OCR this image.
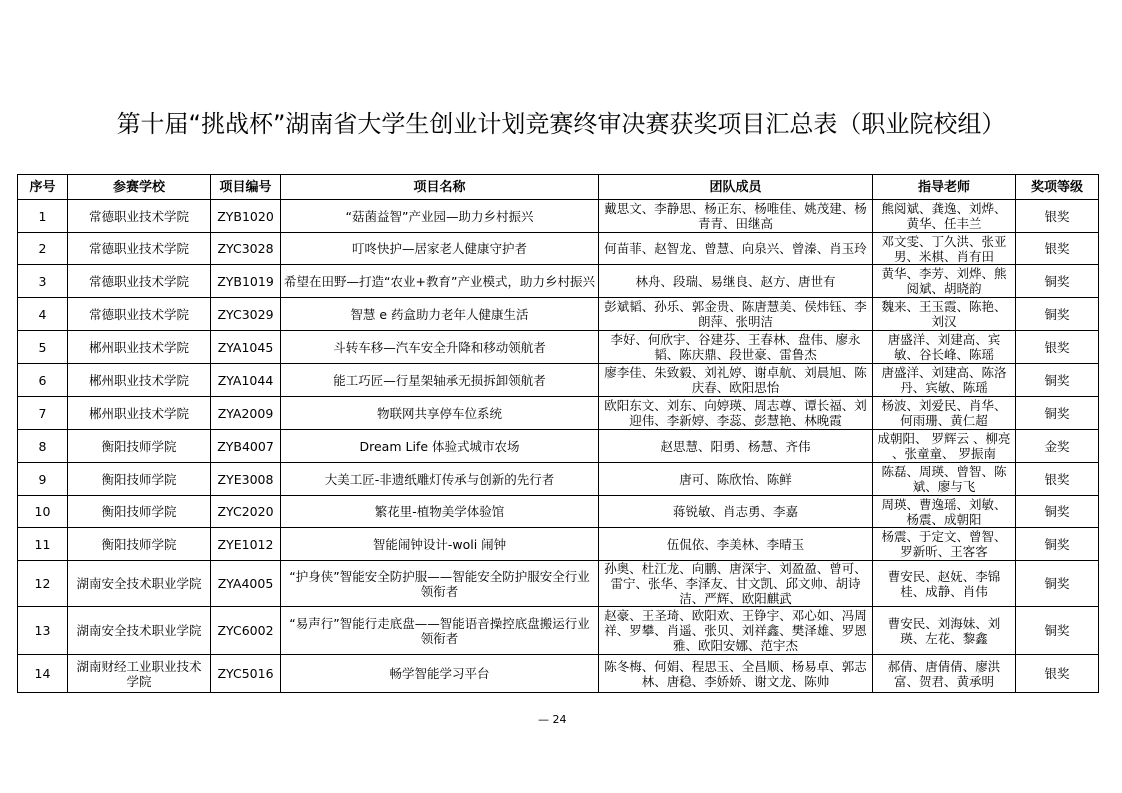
第十届“挑战杯”湖南省大学生创业计划竞赛终审决赛获奖项目汇总表（职业院校组）
序号	参赛学校	项目编号	项目名称	团队成员	指导老师	奖项等级
1	常德职业技术学院	ZYB1020	“菇菌益智”产业园—助力乡村振兴	戴思文、李静思、杨正东、杨唯佳、姚茂建、杨青青、田继高	熊阅斌、龚逸、刘烨、黄华、任丰兰	银奖
2	常德职业技术学院	ZYC3028	叮咚快护—居家老人健康守护者	何苗菲、赵智龙、曾慧、向泉兴、曾溱、肖玉玲	邓文雯、丁久洪、张亚男、米棋、肖有田	银奖
3	常德职业技术学院	ZYB1019	希望在田野—打造“农业+教育”产业模式，助力乡村振兴	林舟、段瑞、易继良、赵方、唐世有	黄华、李芳、刘烨、熊阅斌、胡晓韵	铜奖
4	常德职业技术学院	ZYC3029	智慧 e 药盒助力老年人健康生活	彭斌韬、孙乐、郭金贵、陈唐慧美、侯炜钰、李朗萍、张明洁	魏来、王玉霞、陈艳、刘汉	铜奖
5	郴州职业技术学院	ZYA1045	斗转车移—汽车安全升降和移动领航者	李好、何欣宇、谷建芬、王春林、盘伟、廖永韬、陈庆鼎、段世豪、雷鲁杰	唐盛洋、刘建高、宾敏、谷长峰、陈瑶	银奖
6	郴州职业技术学院	ZYA1044	能工巧匠—行星架轴承无损拆卸领航者	廖李佳、朱致毅、刘礼婷、谢卓航、刘晨旭、陈庆春、欧阳思怡	唐盛洋、刘建高、陈洛丹、宾敏、陈瑶	铜奖
7	郴州职业技术学院	ZYA2009	物联网共享停车位系统	欧阳东文、刘东、向婷瑛、周志尊、谭长福、刘迎伟、李新婷、李蕊、彭慧艳、林晚霞	杨波、刘爱民、肖华、何雨珊、黄仁超	铜奖
8	衡阳技师学院	ZYB4007	Dream Life 体验式城市农场	赵思慧、阳勇、杨慧、齐伟	成朝阳、 罗辉云 、柳亮 、张童童、 罗振南	金奖
9	衡阳技师学院	ZYE3008	大美工匠-非遗纸雕灯传承与创新的先行者	唐可、陈欣怡、陈鲜	陈磊、周瑛、曾智、陈斌、廖与飞	银奖
10	衡阳技师学院	ZYC2020	繁花里-植物美学体验馆	蒋锐敏、肖志勇、李嘉	周瑛、曹逸瑶、刘敏、杨震、成朝阳	铜奖
11	衡阳技师学院	ZYE1012	智能闹钟设计-woli 闹钟	伍侃依、李美林、李晴玉	杨震、于定文、曾智、罗新昕、王客客	铜奖
12	湖南安全技术职业学院	ZYA4005	“护身侠”智能安全防护服——智能安全防护服安全行业领衔者	孙奥、杜江龙、向鹏、唐深宇、刘盈盈、曾可、雷宁、张华、李泽友、甘文凯、邱文帅、胡诗洁、严辉、欧阳麒武	曹安民、赵妩、李锦桂、成静、肖伟	铜奖
13	湖南安全技术职业学院	ZYC6002	“易声行”智能行走底盘——智能语音操控底盘搬运行业领衔者	赵豪、王圣琦、欧阳欢、王铮宇、邓心如、冯周祥、罗攀、肖遥、张贝、刘祥鑫、樊泽雄、罗恩雅、欧阳安娜、范宇杰	曹安民、刘海妹、刘瑛、左花、黎鑫	铜奖
14	湖南财经工业职业技术学院	ZYC5016	畅学智能学习平台	陈冬梅、何娟、程思玉、全昌顺、杨易卓、郭志林、唐稳、李娇娇、谢文龙、陈帅	郝倩、唐倩倩、廖洪富、贺君、黄承明	银奖
— 24
